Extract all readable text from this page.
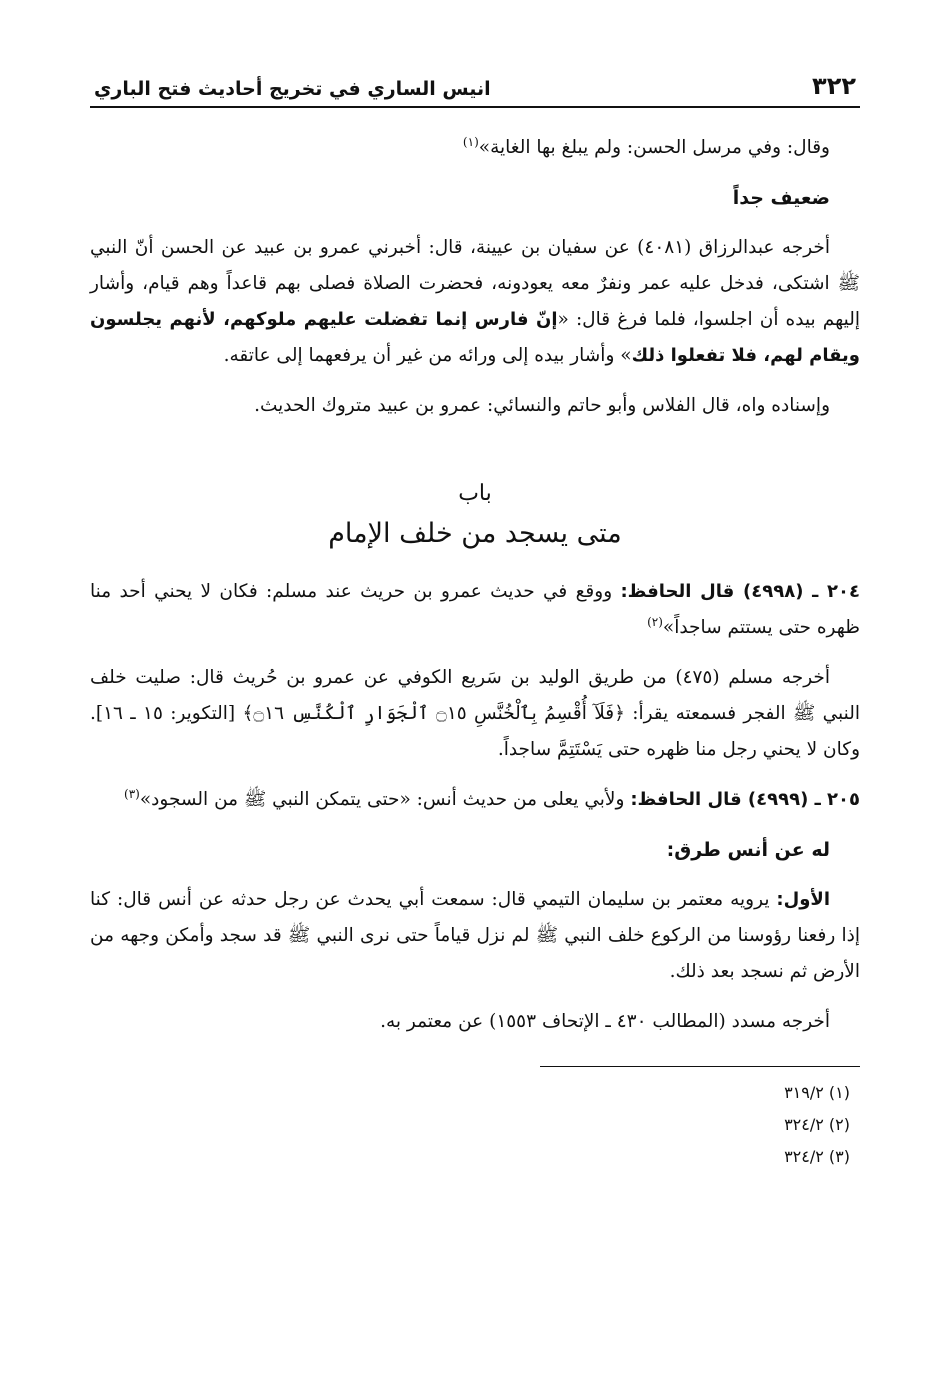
٣٢٢
انيس الساري في تخريج أحاديث فتح الباري

وقال: وفي مرسل الحسن: ولم يبلغ بها الغاية»$^{(١)}$

ضعيف جداً

أخرجه عبدالرزاق (٤٠٨١) عن سفيان بن عيينة، قال: أخبرني عمرو بن عبيد عن الحسن أنّ النبي ﷺ اشتكى، فدخل عليه عمر ونفرٌ معه يعودونه، فحضرت الصلاة فصلى بهم قاعداً وهم قيام، وأشار إليهم بيده أن اجلسوا، فلما فرغ قال: «إنّ فارس إنما تفضلت عليهم ملوكهم، لأنهم يجلسون ويقام لهم، فلا تفعلوا ذلك» وأشار بيده إلى ورائه من غير أن يرفعهما إلى عاتقه.

وإسناده واه، قال الفلاس وأبو حاتم والنسائي: عمرو بن عبيد متروك الحديث.

باب
متى يسجد من خلف الإمام

٢٠٤ ـ (٤٩٩٨) قال الحافظ: ووقع في حديث عمرو بن حريث عند مسلم: فكان لا يحني أحد منا ظهره حتى يستتم ساجداً»$^{(٢)}$

أخرجه مسلم (٤٧٥) من طريق الوليد بن سَريع الكوفي عن عمرو بن حُريث قال: صليت خلف النبي ﷺ الفجر فسمعته يقرأ: ﴿فَلَآ أُقْسِمُ بِٱلْخُنَّسِ ۝١٥ ٱلْجَوَارِ ٱلْكُنَّسِ ۝١٦﴾ [التكوير: ١٥ ـ ١٦]. وكان لا يحني رجل منا ظهره حتى يَسْتَتِمَّ ساجداً.

٢٠٥ ـ (٤٩٩٩) قال الحافظ: ولأبي يعلى من حديث أنس: «حتى يتمكن النبي ﷺ من السجود»$^{(٣)}$

له عن أنس طرق:

الأول: يرويه معتمر بن سليمان التيمي قال: سمعت أبي يحدث عن رجل حدثه عن أنس قال: كنا إذا رفعنا رؤوسنا من الركوع خلف النبي ﷺ لم نزل قياماً حتى نرى النبي ﷺ قد سجد وأمكن وجهه من الأرض ثم نسجد بعد ذلك.

أخرجه مسدد (المطالب ٤٣٠ ـ الإتحاف ١٥٥٣) عن معتمر به.

(١) ٣١٩/٢
(٢) ٣٢٤/٢
(٣) ٣٢٤/٢
